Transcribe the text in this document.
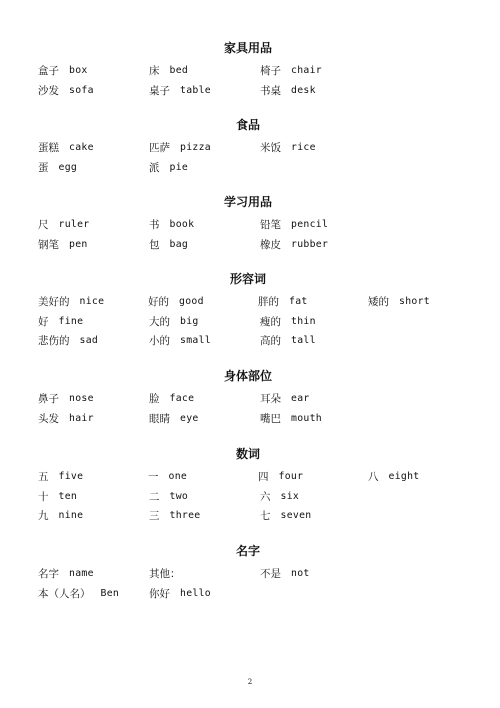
家具用品
盒子 box	床 bed	椅子 chair
沙发 sofa	桌子 table	书桌 desk
食品
蛋糕 cake	匹萨 pizza	米饭 rice
蛋 egg	派 pie
学习用品
尺 ruler	书 book	铅笔 pencil
钢笔 pen	包 bag	橡皮 rubber
形容词
美好的 nice	好的 good	胖的 fat	矮的 short
好 fine	大的 big	瘦的 thin
悲伤的 sad	小的 small	高的 tall
身体部位
鼻子 nose	脸 face	耳朵 ear
头发 hair	眼睛 eye	嘴巴 mouth
数词
五 five	一 one	四 four	八 eight
十 ten	二 two	六 six
九 nine	三 three	七 seven
名字
名字 name	其他：	不是 not
本（人名） Ben	你好 hello
2
